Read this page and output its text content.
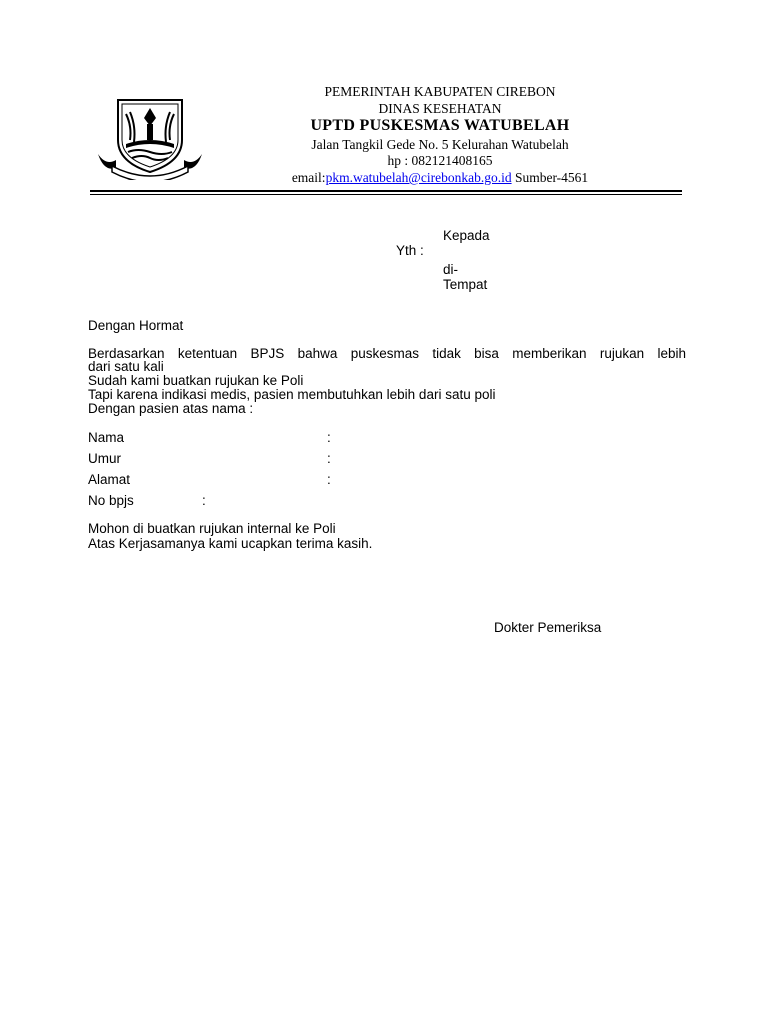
PEMERINTAH KABUPATEN CIREBON
DINAS KESEHATAN
UPTD PUSKESMAS WATUBELAH
Jalan Tangkil Gede No. 5 Kelurahan Watubelah
hp : 082121408165
email:pkm.watubelah@cirebonkab.go.id Sumber-4561
Kepada
Yth :
di-
Tempat
Dengan Hormat
Berdasarkan ketentuan BPJS bahwa puskesmas tidak bisa memberikan rujukan lebih
dari satu kali
Sudah kami buatkan rujukan ke Poli
Tapi karena indikasi medis, pasien membutuhkan lebih dari satu poli
Dengan pasien atas nama :
Nama	:
Umur	:
Alamat	:
No bpjs	:
Mohon di buatkan rujukan internal ke Poli
Atas Kerjasamanya kami ucapkan terima kasih.
Dokter Pemeriksa
